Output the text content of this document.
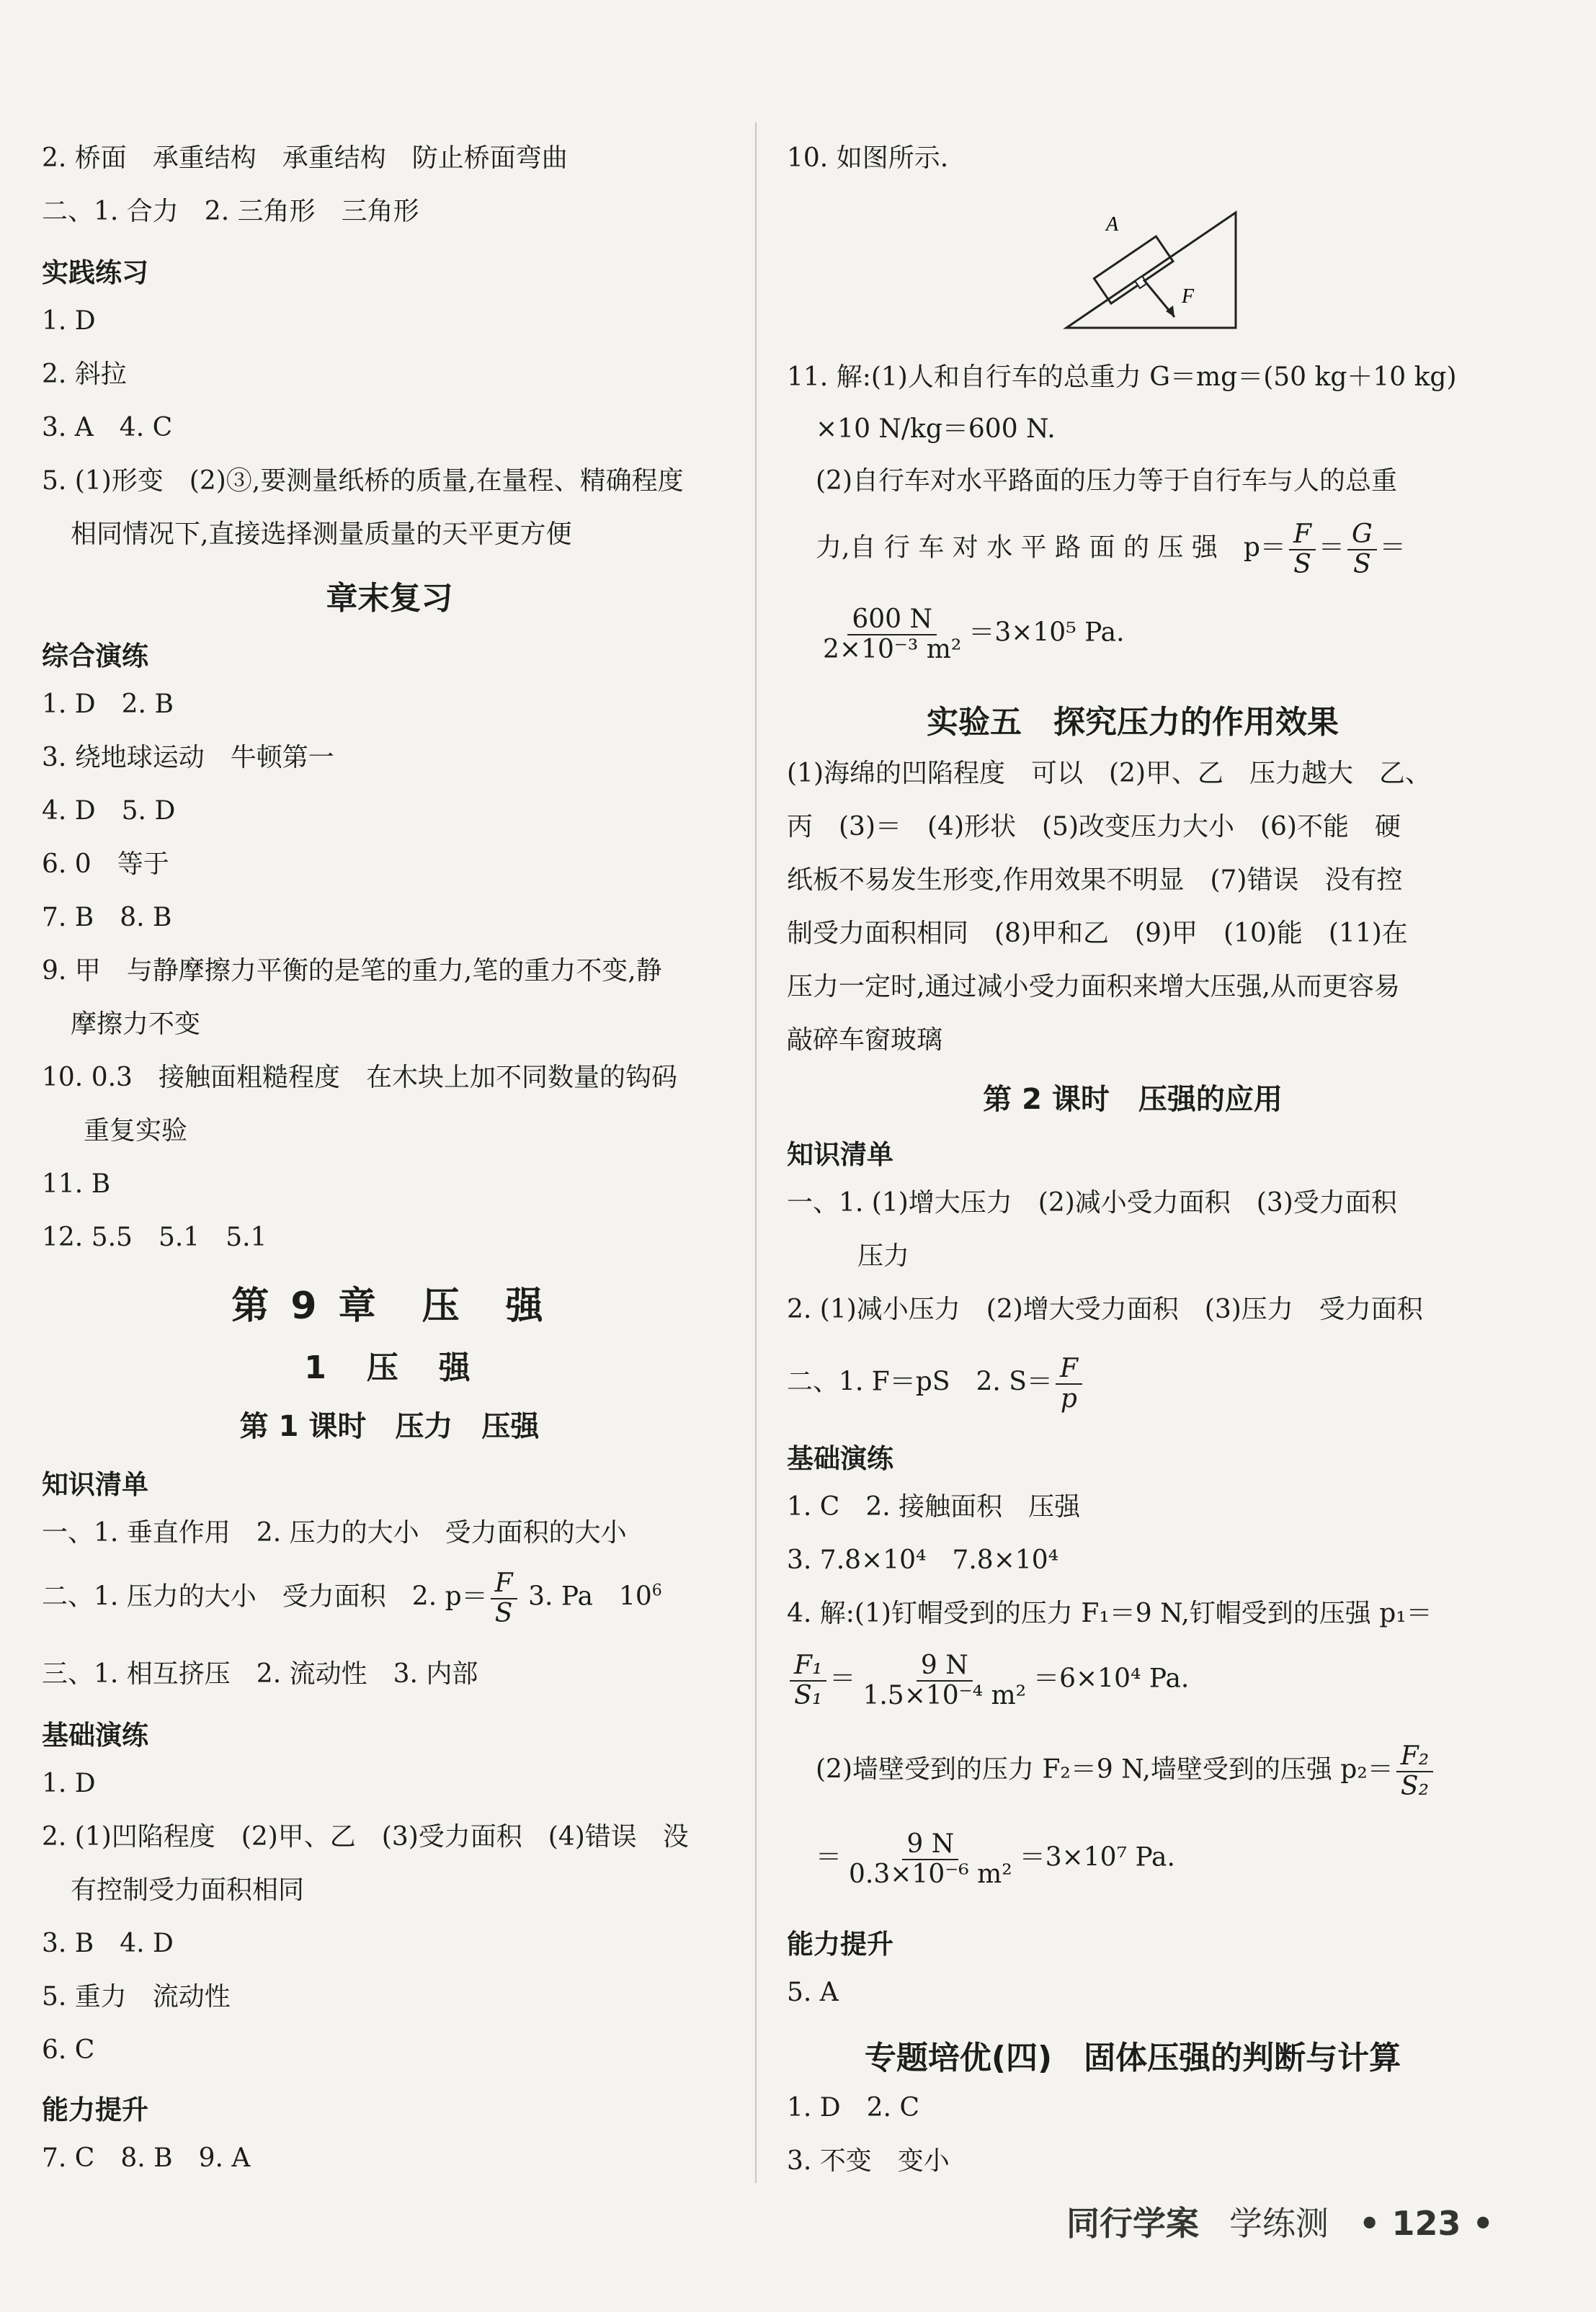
2. 桥面　承重结构　承重结构　防止桥面弯曲
二、1. 合力　2. 三角形　三角形
实践练习
1. D
2. 斜拉
3. A　4. C
5. (1)形变　(2)③,要测量纸桥的质量,在量程、精确程度
相同情况下,直接选择测量质量的天平更方便
章末复习
综合演练
1. D　2. B
3. 绕地球运动　牛顿第一
4. D　5. D
6. 0　等于
7. B　8. B
9. 甲　与静摩擦力平衡的是笔的重力,笔的重力不变,静
摩擦力不变
10. 0.3　接触面粗糙程度　在木块上加不同数量的钩码
重复实验
11. B
12. 5.5　5.1　5.1
第 9 章　压　强
1　压　强
第 1 课时　压力　压强
知识清单
一、1. 垂直作用　2. 压力的大小　受力面积的大小
二、1. 压力的大小　受力面积　2. $p= \frac{F}{S} 3$. Pa　$10^6$
三、1. 相互挤压　2. 流动性　3. 内部
基础演练
1. D
2. (1)凹陷程度　(2)甲、乙　(3)受力面积　(4)错误　没
有控制受力面积相同
3. B　4. D
5. 重力　流动性
6. C
能力提升
7. C　8. B　9. A
10. 如图所示.
11. 解:(1)人和自行车的总重力 G＝mg＝(50 kg＋10 kg)
×10 N/kg＝600 N.
(2)自行车对水平路面的压力等于自行车与人的总重
力,自 行 车 对 水 平 路 面 的 压 强　$p= \frac{F}{S} = \frac{G}{S}$ ＝
$\frac{600 N}{\text{2×10⁻³ m²}} =3\times 10^5$ Pa.
实验五　探究压力的作用效果
(1)海绵的凹陷程度　可以　(2)甲、乙　压力越大　乙、
丙　(3)＝　(4)形状　(5)改变压力大小　(6)不能　硬
纸板不易发生形变,作用效果不明显　(7)错误　没有控
制受力面积相同　(8)甲和乙　(9)甲　(10)能　(11)在
压力一定时,通过减小受力面积来增大压强,从而更容易
敲碎车窗玻璃
第 2 课时　压强的应用
知识清单
一、1. (1)增大压力　(2)减小受力面积　(3)受力面积
压力
2. (1)减小压力　(2)增大受力面积　(3)压力　受力面积
二、1. F＝pS　2. $S= \frac{F}{p}$
基础演练
1. C　2. 接触面积　压强
3. 7.8×10⁴　7.8×10⁴
4. 解:(1)钉帽受到的压力 F₁＝9 N,钉帽受到的压强 p₁＝
$\frac{\text{F₁}}{\text{S₁}} = \frac{9 N}{\text{1.5×10⁻⁴ m²}} =6\times 10^4$ Pa.
(2)墙壁受到的压力 F₂＝9 N,墙壁受到的压强 $p_2= \frac{\text{F₂}}{\text{S₂}}$
＝ $\frac{9 N}{\text{0.3×10⁻⁶ m²}} =3\times 10^7$ Pa.
能力提升
5. A
专题培优(四)　固体压强的判断与计算
1. D　2. C
3. 不变　变小
A
F
同行学案 学练测 • 123 •
